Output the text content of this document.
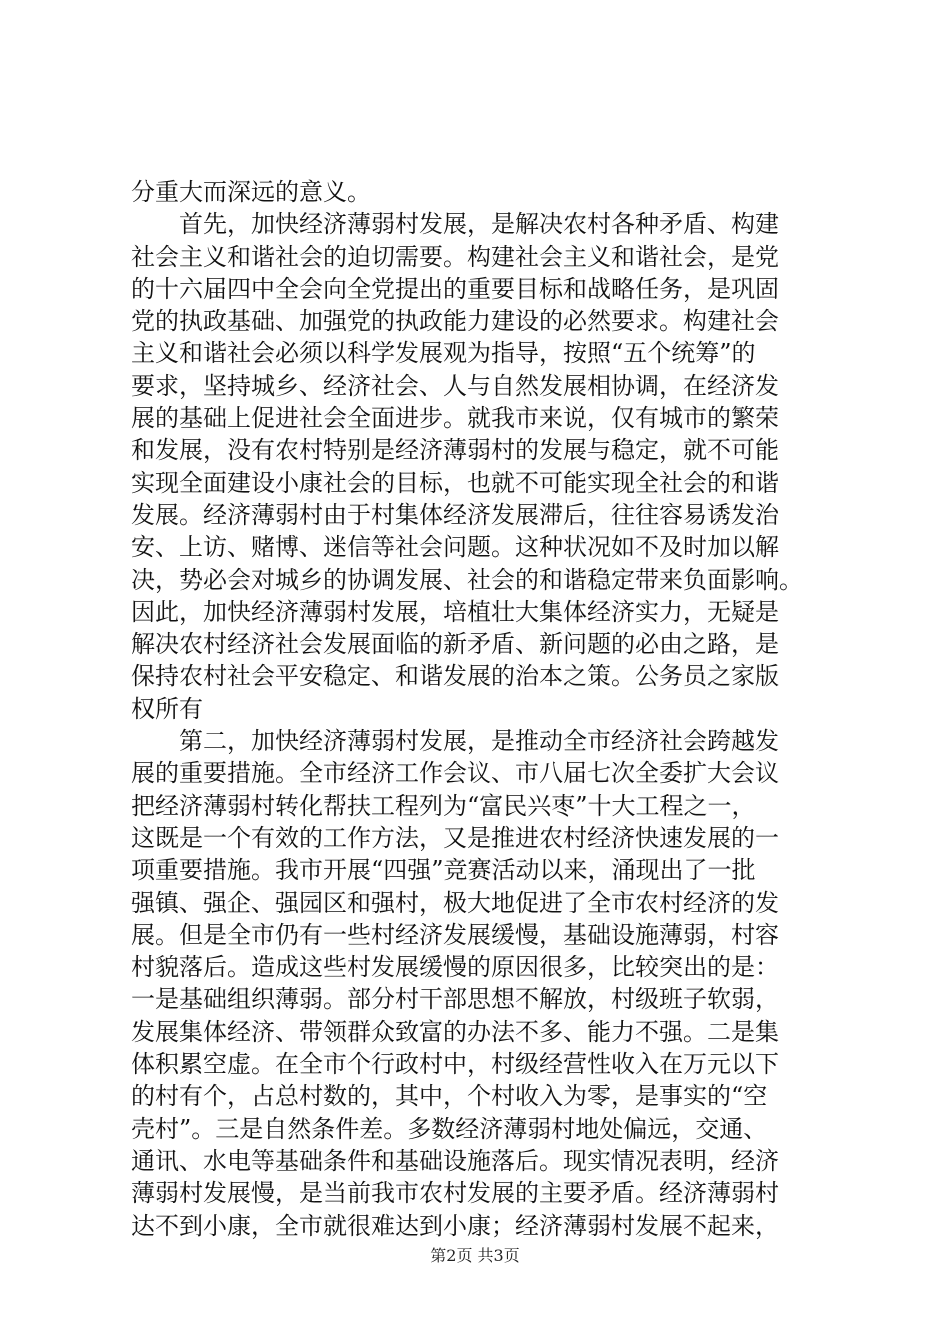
分重大而深远的意义。
　　首先，加快经济薄弱村发展，是解决农村各种矛盾、构建
社会主义和谐社会的迫切需要。构建社会主义和谐社会，是党
的十六届四中全会向全党提出的重要目标和战略任务，是巩固
党的执政基础、加强党的执政能力建设的必然要求。构建社会
主义和谐社会必须以科学发展观为指导，按照“五个统筹”的
要求，坚持城乡、经济社会、人与自然发展相协调，在经济发
展的基础上促进社会全面进步。就我市来说，仅有城市的繁荣
和发展，没有农村特别是经济薄弱村的发展与稳定，就不可能
实现全面建设小康社会的目标，也就不可能实现全社会的和谐
发展。经济薄弱村由于村集体经济发展滞后，往往容易诱发治
安、上访、赌博、迷信等社会问题。这种状况如不及时加以解
决，势必会对城乡的协调发展、社会的和谐稳定带来负面影响。
因此，加快经济薄弱村发展，培植壮大集体经济实力，无疑是
解决农村经济社会发展面临的新矛盾、新问题的必由之路，是
保持农村社会平安稳定、和谐发展的治本之策。公务员之家版
权所有
　　第二，加快经济薄弱村发展，是推动全市经济社会跨越发
展的重要措施。全市经济工作会议、市八届七次全委扩大会议
把经济薄弱村转化帮扶工程列为“富民兴枣”十大工程之一，
这既是一个有效的工作方法，又是推进农村经济快速发展的一
项重要措施。我市开展“四强”竞赛活动以来，涌现出了一批
强镇、强企、强园区和强村，极大地促进了全市农村经济的发
展。但是全市仍有一些村经济发展缓慢，基础设施薄弱，村容
村貌落后。造成这些村发展缓慢的原因很多，比较突出的是：
一是基础组织薄弱。部分村干部思想不解放，村级班子软弱，
发展集体经济、带领群众致富的办法不多、能力不强。二是集
体积累空虚。在全市个行政村中，村级经营性收入在万元以下
的村有个，占总村数的，其中，个村收入为零，是事实的“空
壳村”。三是自然条件差。多数经济薄弱村地处偏远，交通、
通讯、水电等基础条件和基础设施落后。现实情况表明，经济
薄弱村发展慢，是当前我市农村发展的主要矛盾。经济薄弱村
达不到小康，全市就很难达到小康；经济薄弱村发展不起来，
第2页 共3页
